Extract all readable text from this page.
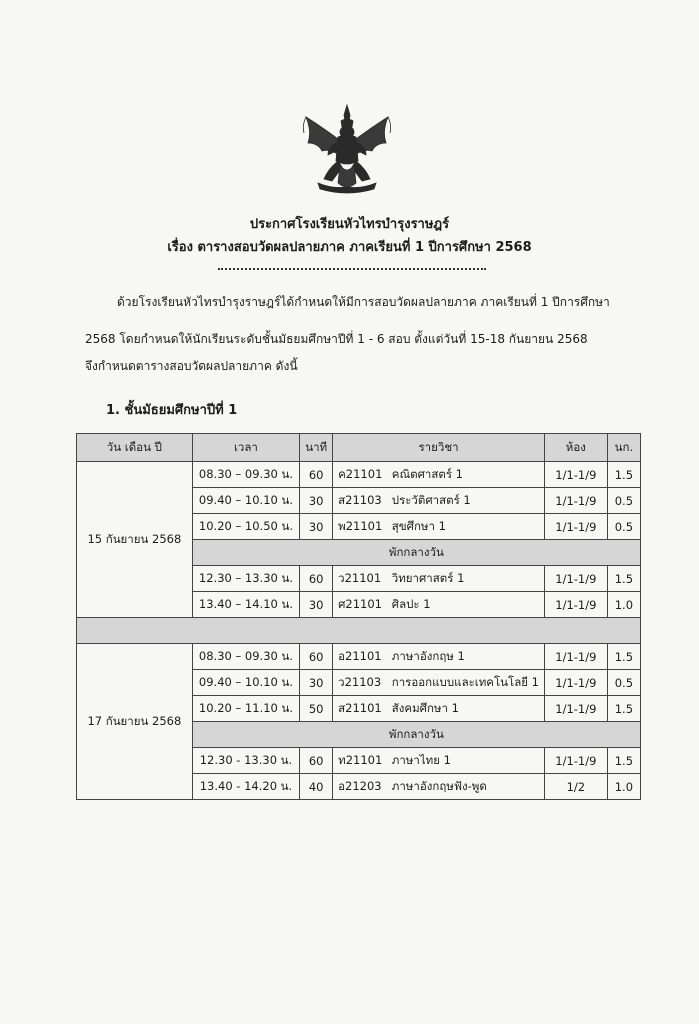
ประกาศโรงเรียนหัวไทรบำรุงราษฎร์
เรื่อง ตารางสอบวัดผลปลายภาค ภาคเรียนที่ 1 ปีการศึกษา 2568
ด้วยโรงเรียนหัวไทรบำรุงราษฎร์ได้กำหนดให้มีการสอบวัดผลปลายภาค ภาคเรียนที่ 1 ปีการศึกษา
2568 โดยกำหนดให้นักเรียนระดับชั้นมัธยมศึกษาปีที่ 1 - 6 สอบ ตั้งแต่วันที่ 15-18 กันยายน 2568
จึงกำหนดตารางสอบวัดผลปลายภาค ดังนี้
1. ชั้นมัธยมศึกษาปีที่ 1
วัน เดือน ปี	เวลา	นาที	รายวิชา	ห้อง	นก.
15 กันยายน 2568	08.30 – 09.30 น.	60	ค21101 คณิตศาสตร์ 1	1/1-1/9	1.5
	09.40 – 10.10 น.	30	ส21103 ประวัติศาสตร์ 1	1/1-1/9	0.5
	10.20 – 10.50 น.	30	พ21101 สุขศึกษา 1	1/1-1/9	0.5
	พักกลางวัน				
	12.30 – 13.30 น.	60	ว21101 วิทยาศาสตร์ 1	1/1-1/9	1.5
	13.40 – 14.10 น.	30	ศ21101 ศิลปะ 1	1/1-1/9	1.0

17 กันยายน 2568	08.30 – 09.30 น.	60	อ21101 ภาษาอังกฤษ 1	1/1-1/9	1.5
	09.40 – 10.10 น.	30	ว21103 การออกแบบและเทคโนโลยี 1	1/1-1/9	0.5
	10.20 – 11.10 น.	50	ส21101 สังคมศึกษา 1	1/1-1/9	1.5
	พักกลางวัน				
	12.30 - 13.30 น.	60	ท21101 ภาษาไทย 1	1/1-1/9	1.5
	13.40 - 14.20 น.	40	อ21203 ภาษาอังกฤษฟัง-พูด	1/2	1.0
